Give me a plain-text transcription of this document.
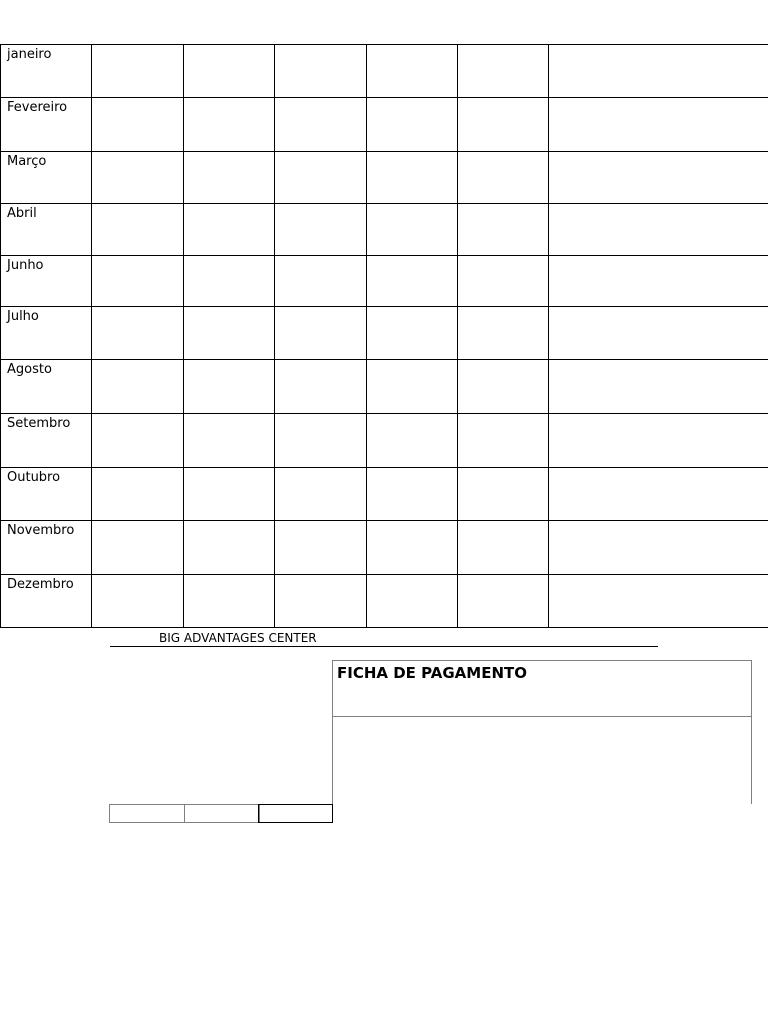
janeiro						
Fevereiro						
Março						
Abril						
Junho						
Julho						
Agosto						
Setembro						
Outubro						
Novembro						
Dezembro						
BIG ADVANTAGES CENTER
FICHA DE PAGAMENTO
